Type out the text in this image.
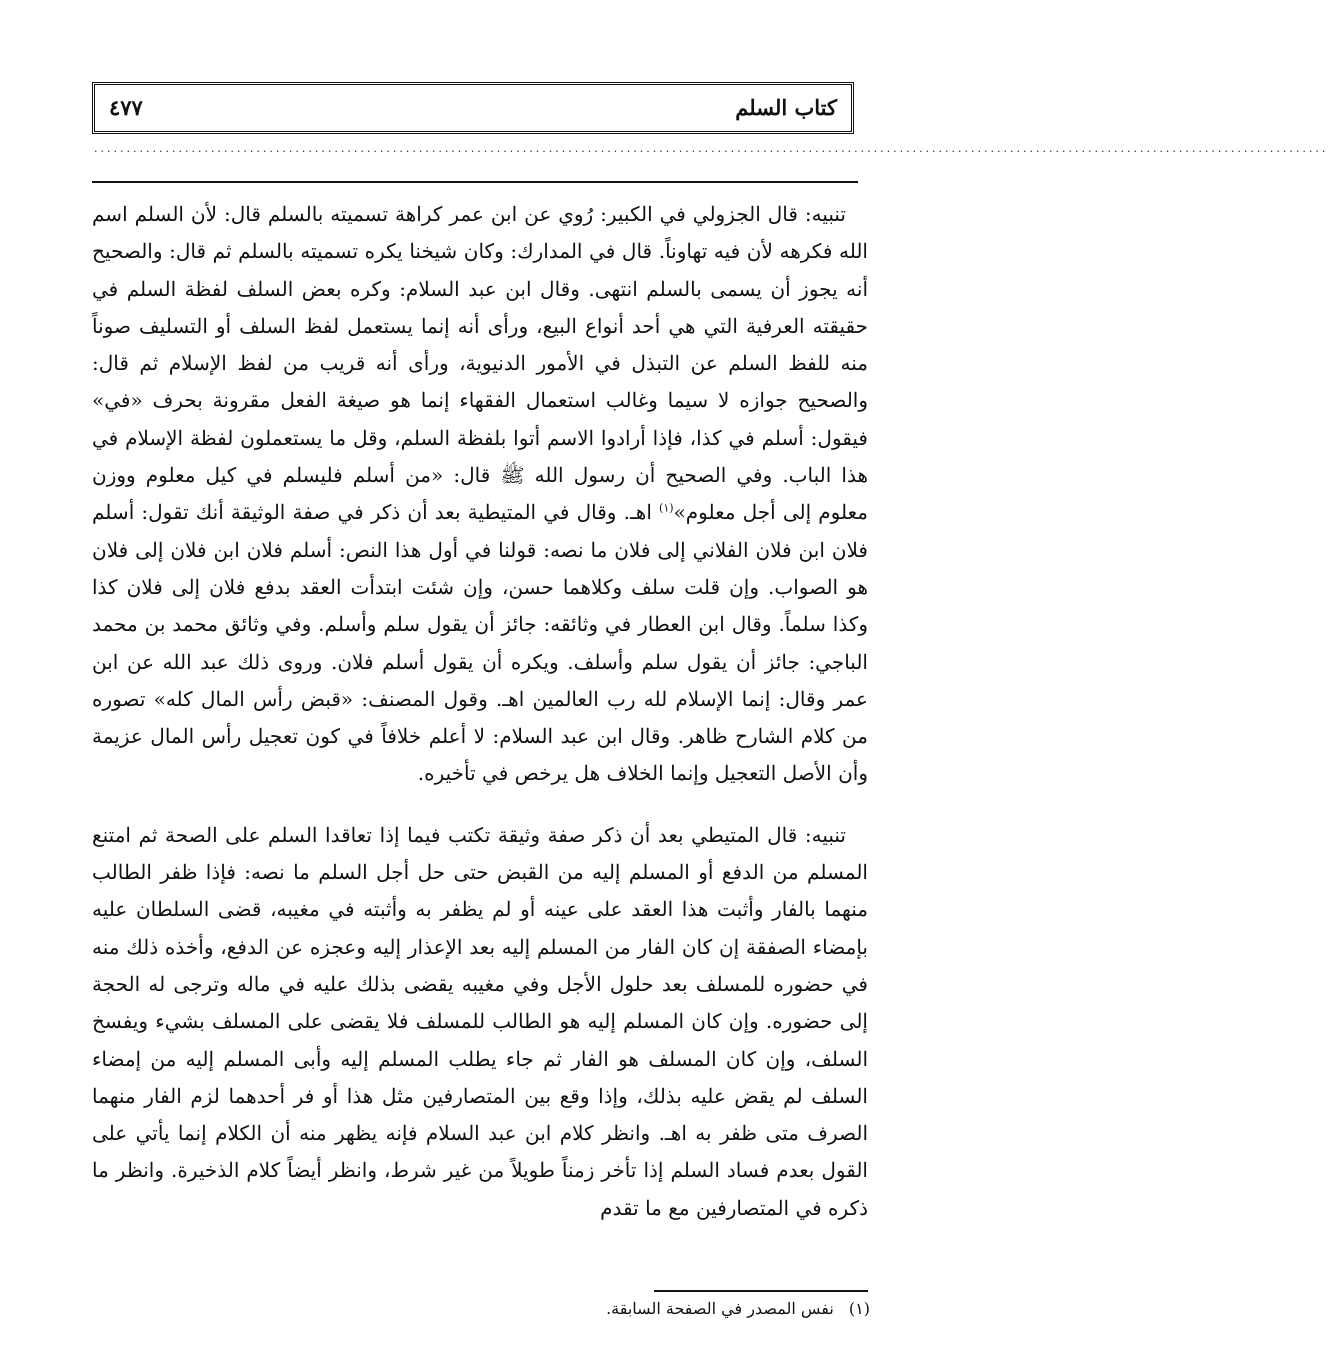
كتاب السلم
٤٧٧
..............................................................................................................................................................................................

تنبيه: قال الجزولي في الكبير: رُوي عن ابن عمر كراهة تسميته بالسلم قال: لأن السلم اسم الله فكرهه لأن فيه تهاوناً. قال في المدارك: وكان شيخنا يكره تسميته بالسلم ثم قال: والصحيح أنه يجوز أن يسمى بالسلم انتهى. وقال ابن عبد السلام: وكره بعض السلف لفظة السلم في حقيقته العرفية التي هي أحد أنواع البيع، ورأى أنه إنما يستعمل لفظ السلف أو التسليف صوناً منه للفظ السلم عن التبذل في الأمور الدنيوية، ورأى أنه قريب من لفظ الإسلام ثم قال: والصحيح جوازه لا سيما وغالب استعمال الفقهاء إنما هو صيغة الفعل مقرونة بحرف «في» فيقول: أسلم في كذا، فإذا أرادوا الاسم أتوا بلفظة السلم، وقل ما يستعملون لفظة الإسلام في هذا الباب. وفي الصحيح أن رسول الله ﷺ قال: «من أسلم فليسلم في كيل معلوم ووزن معلوم إلى أجل معلوم»$^{(١)}$ اهـ. وقال في المتيطية بعد أن ذكر في صفة الوثيقة أنك تقول: أسلم فلان ابن فلان الفلاني إلى فلان ما نصه: قولنا في أول هذا النص: أسلم فلان ابن فلان إلى فلان هو الصواب. وإن قلت سلف وكلاهما حسن، وإن شئت ابتدأت العقد بدفع فلان إلى فلان كذا وكذا سلماً. وقال ابن العطار في وثائقه: جائز أن يقول سلم وأسلم. وفي وثائق محمد بن محمد الباجي: جائز أن يقول سلم وأسلف. ويكره أن يقول أسلم فلان. وروى ذلك عبد الله عن ابن عمر وقال: إنما الإسلام لله رب العالمين اهـ. وقول المصنف: «قبض رأس المال كله» تصوره من كلام الشارح ظاهر. وقال ابن عبد السلام: لا أعلم خلافاً في كون تعجيل رأس المال عزيمة وأن الأصل التعجيل وإنما الخلاف هل يرخص في تأخيره.

تنبيه: قال المتيطي بعد أن ذكر صفة وثيقة تكتب فيما إذا تعاقدا السلم على الصحة ثم امتنع المسلم من الدفع أو المسلم إليه من القبض حتى حل أجل السلم ما نصه: فإذا ظفر الطالب منهما بالفار وأثبت هذا العقد على عينه أو لم يظفر به وأثبته في مغيبه، قضى السلطان عليه بإمضاء الصفقة إن كان الفار من المسلم إليه بعد الإعذار إليه وعجزه عن الدفع، وأخذه ذلك منه في حضوره للمسلف بعد حلول الأجل وفي مغيبه يقضى بذلك عليه في ماله وترجى له الحجة إلى حضوره. وإن كان المسلم إليه هو الطالب للمسلف فلا يقضى على المسلف بشيء ويفسخ السلف، وإن كان المسلف هو الفار ثم جاء يطلب المسلم إليه وأبى المسلم إليه من إمضاء السلف لم يقض عليه بذلك، وإذا وقع بين المتصارفين مثل هذا أو فر أحدهما لزم الفار منهما الصرف متى ظفر به اهـ. وانظر كلام ابن عبد السلام فإنه يظهر منه أن الكلام إنما يأتي على القول بعدم فساد السلم إذا تأخر زمناً طويلاً من غير شرط، وانظر أيضاً كلام الذخيرة. وانظر ما ذكره في المتصارفين مع ما تقدم

(١) نفس المصدر في الصفحة السابقة.
